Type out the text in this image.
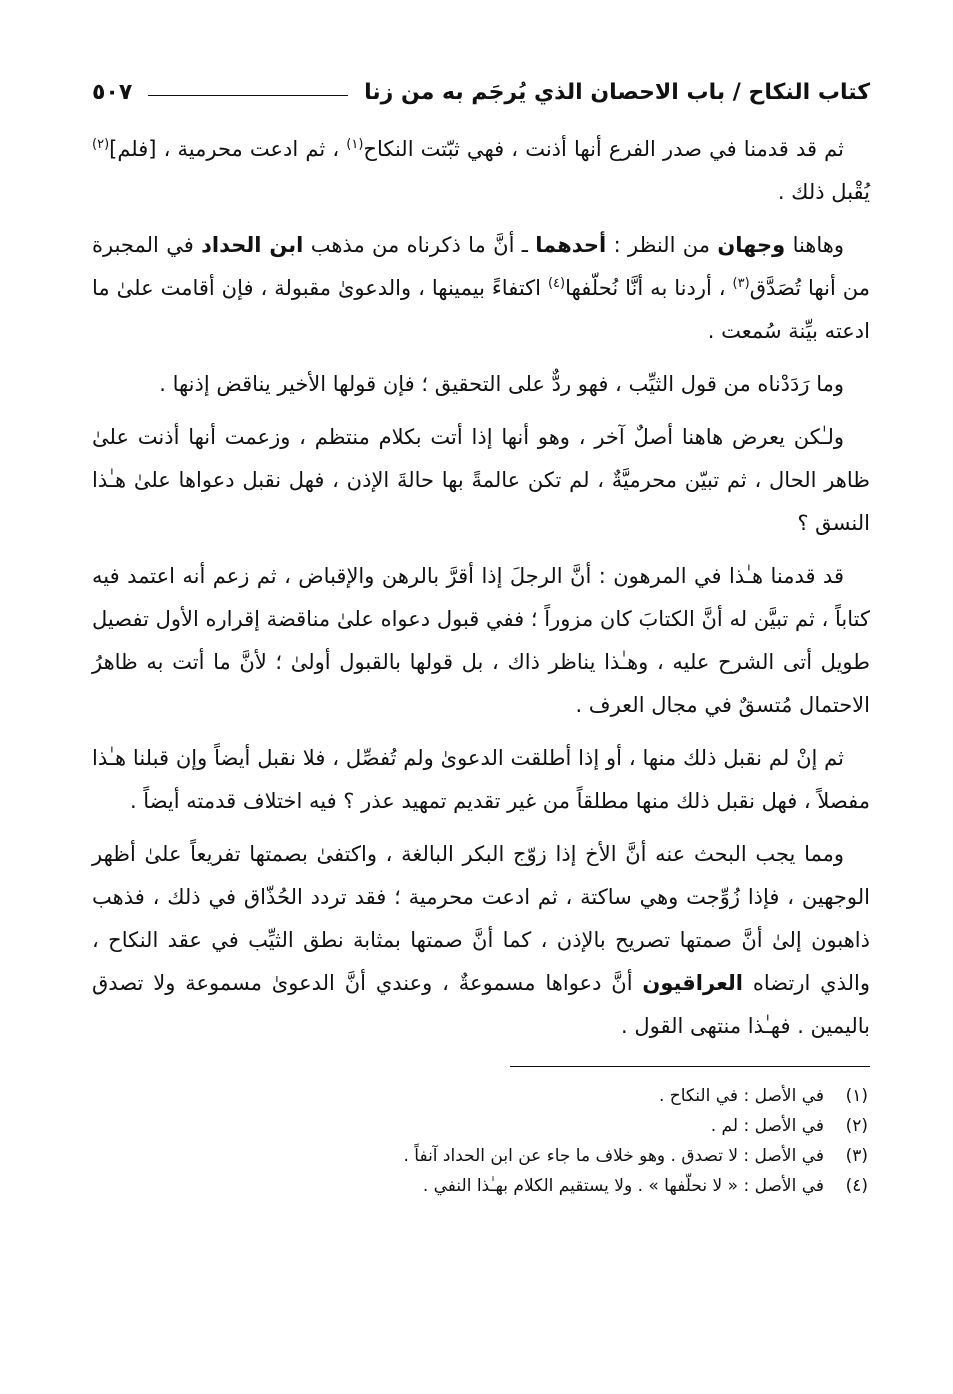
كتاب النكاح / باب الاحصان الذي يُرجَم به من زنا
٥٠٧

ثم قد قدمنا في صدر الفرع أنها أذنت ، فهي ثبّتت النكاح$^{(١)}$ ، ثم ادعت محرمية ، [فلم]$^{(٢)}$ يُقْبل ذلك .

وهاهنا وجهان من النظر : أحدهما ـ أنَّ ما ذكرناه من مذهب ابن الحداد في المجبرة من أنها تُصَدَّق$^{(٣)}$ ، أردنا به أنَّا نُحلّفها$^{(٤)}$ اكتفاءً بيمينها ، والدعوىٰ مقبولة ، فإن أقامت علىٰ ما ادعته بيِّنة سُمعت .

وما رَدَدْناه من قول الثيِّب ، فهو ردٌّ على التحقيق ؛ فإن قولها الأخير يناقض إذنها .

ولـٰكن يعرض هاهنا أصلٌ آخر ، وهو أنها إذا أتت بكلام منتظم ، وزعمت أنها أذنت علىٰ ظاهر الحال ، ثم تبيّن محرميَّةٌ ، لم تكن عالمةً بها حالةَ الإذن ، فهل نقبل دعواها علىٰ هـٰذا النسق ؟

قد قدمنا هـٰذا في المرهون : أنَّ الرجلَ إذا أقرَّ بالرهن والإقباض ، ثم زعم أنه اعتمد فيه كتاباً ، ثم تبيَّن له أنَّ الكتابَ كان مزوراً ؛ ففي قبول دعواه علىٰ مناقضة إقراره الأول تفصيل طويل أتى الشرح عليه ، وهـٰذا يناظر ذاك ، بل قولها بالقبول أولىٰ ؛ لأنَّ ما أتت به ظاهرُ الاحتمال مُتسقٌ في مجال العرف .

ثم إنْ لم نقبل ذلك منها ، أو إذا أطلقت الدعوىٰ ولم تُفصِّل ، فلا نقبل أيضاً وإن قبلنا هـٰذا مفصلاً ، فهل نقبل ذلك منها مطلقاً من غير تقديم تمهيد عذر ؟ فيه اختلاف قدمته أيضاً .

ومما يجب البحث عنه أنَّ الأخ إذا زوّج البكر البالغة ، واكتفىٰ بصمتها تفريعاً علىٰ أظهر الوجهين ، فإذا زُوِّجت وهي ساكتة ، ثم ادعت محرمية ؛ فقد تردد الحُذّاق في ذلك ، فذهب ذاهبون إلىٰ أنَّ صمتها تصريح بالإذن ، كما أنَّ صمتها بمثابة نطق الثيِّب في عقد النكاح ، والذي ارتضاه العراقيون أنَّ دعواها مسموعةٌ ، وعندي أنَّ الدعوىٰ مسموعة ولا تصدق باليمين . فهـٰذا منتهى القول .

(١)
في الأصل : في النكاح .
(٢)
في الأصل : لم .
(٣)
في الأصل : لا تصدق . وهو خلاف ما جاء عن ابن الحداد آنفاً .
(٤)
في الأصل : « لا نحلّفها » . ولا يستقيم الكلام بهـٰذا النفي .
